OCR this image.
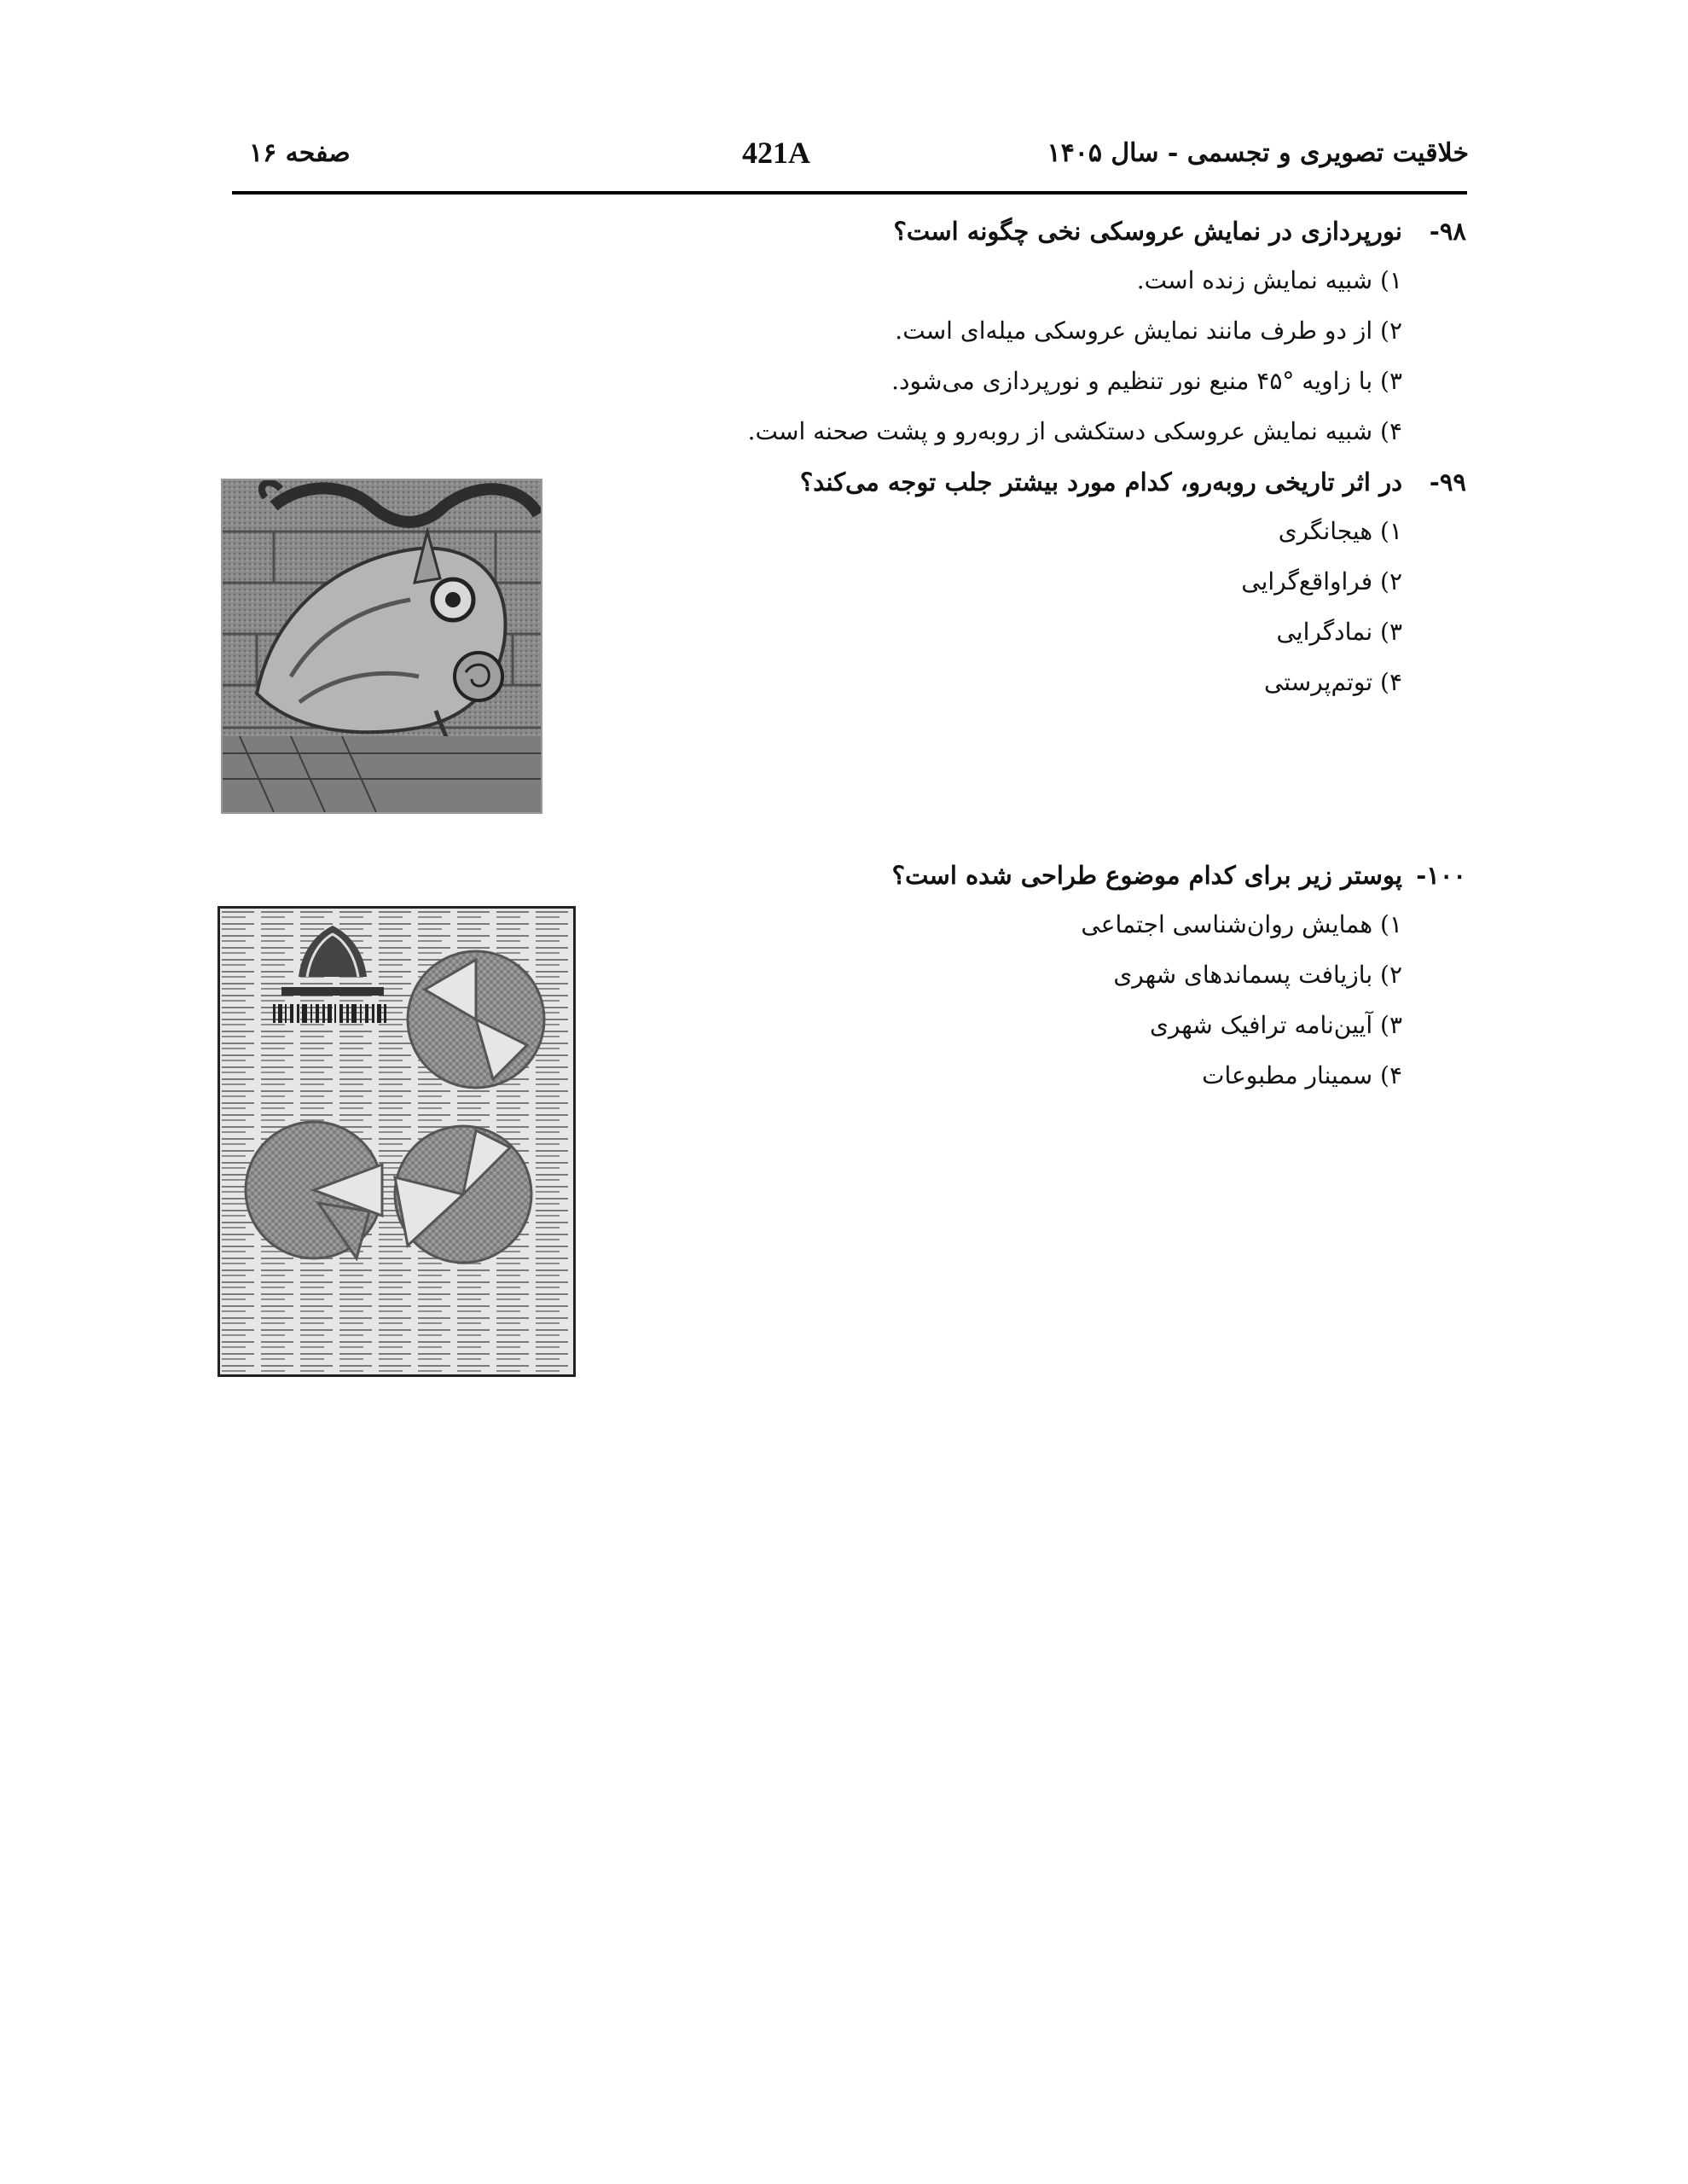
صفحه ۱۶	421A	خلاقیت تصویری و تجسمی - سال ۱۴۰۵
۹۸-نورپردازی در نمایش عروسکی نخی چگونه است؟
۱) شبیه نمایش زنده است.
۲) از دو طرف مانند نمایش عروسکی میله‌ای است.
۳) با زاویه °۴۵ منبع نور تنظیم و نورپردازی می‌شود.
۴) شبیه نمایش عروسکی دستکشی از روبه‌رو و پشت صحنه است.
۹۹-در اثر تاریخی روبه‌رو، کدام مورد بیشتر جلب توجه می‌کند؟
۱) هیجانگری
۲) فراواقع‌گرایی
۳) نمادگرایی
۴) توتم‌پرستی
۱۰۰-پوستر زیر برای کدام موضوع طراحی شده است؟
۱) همایش روان‌شناسی اجتماعی
۲) بازیافت پسماندهای شهری
۳) آیین‌نامه ترافیک شهری
۴) سمینار مطبوعات
